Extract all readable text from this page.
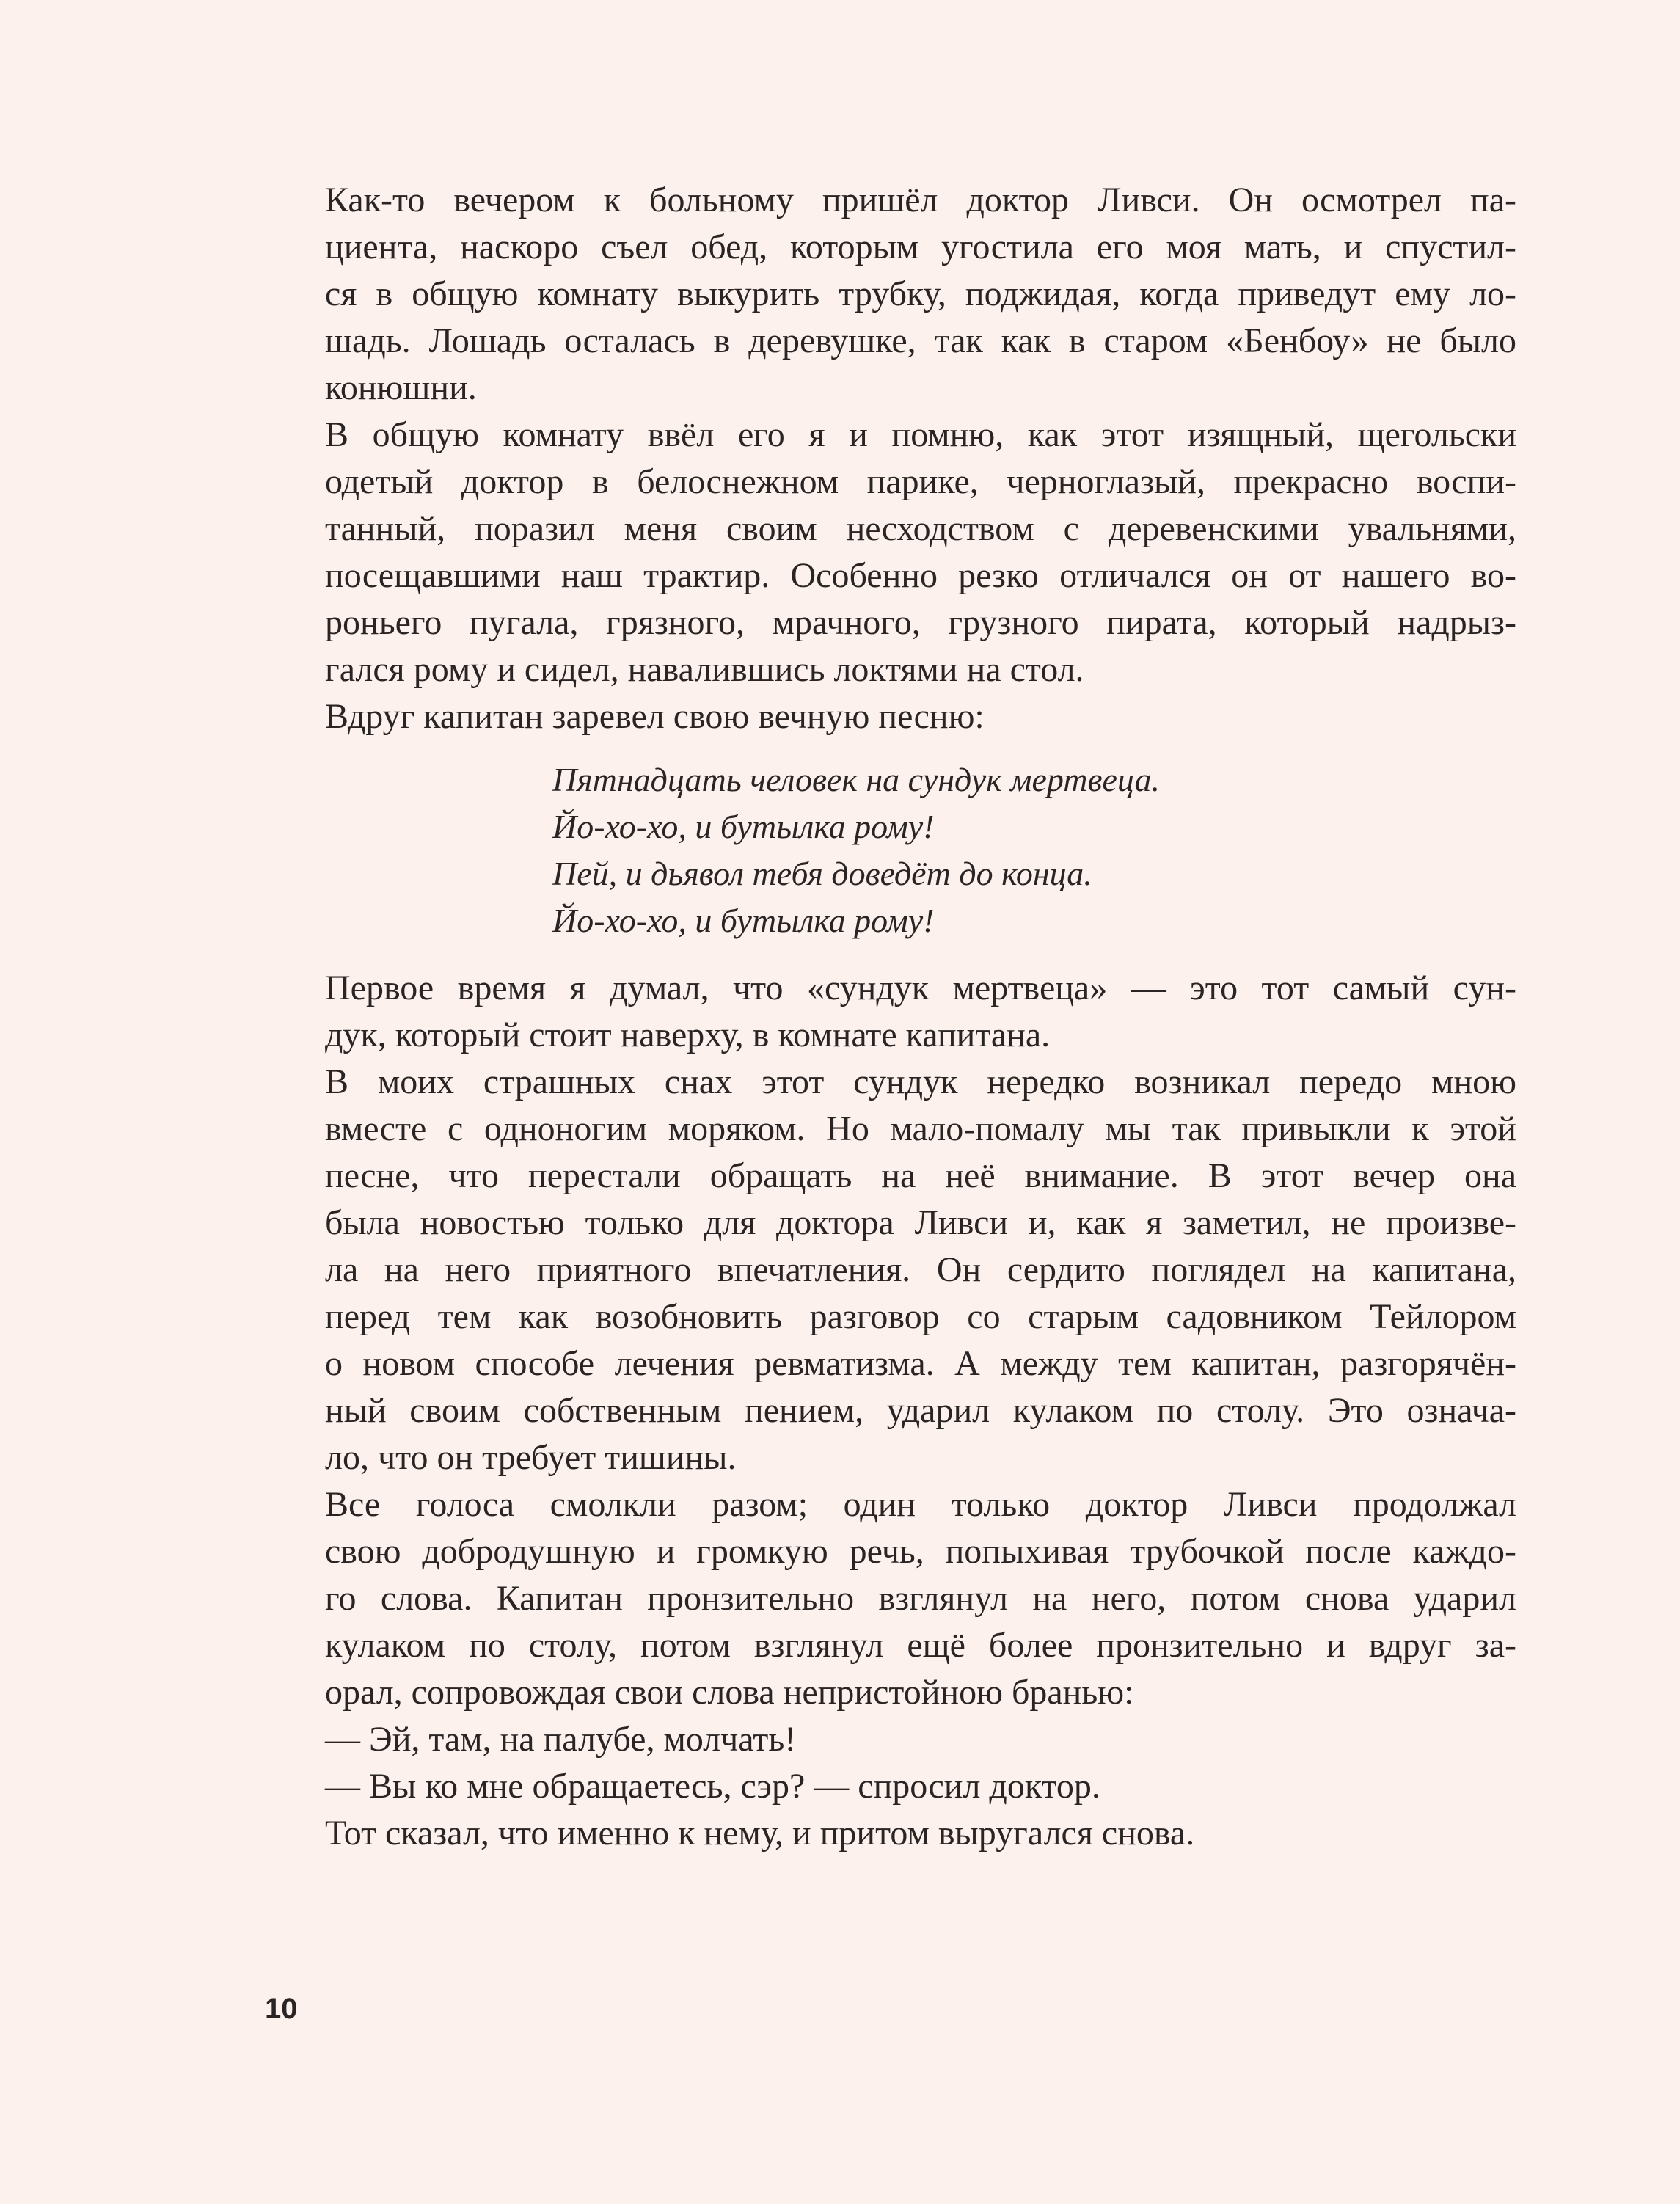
Как-то вечером к больному пришёл доктор Ливси. Он осмотрел па-
циента, наскоро съел обед, которым угостила его моя мать, и спустил-
ся в общую комнату выкурить трубку, поджидая, когда приведут ему ло-
шадь. Лошадь осталась в деревушке, так как в старом «Бенбоу» не было
конюшни.

В общую комнату ввёл его я и помню, как этот изящный, щегольски
одетый доктор в белоснежном парике, черноглазый, прекрасно воспи-
танный, поразил меня своим несходством с деревенскими увальнями,
посещавшими наш трактир. Особенно резко отличался он от нашего во-
роньего пугала, грязного, мрачного, грузного пирата, который надрыз-
гался рому и сидел, навалившись локтями на стол.

Вдруг капитан заревел свою вечную песню:

Пятнадцать человек на сундук мертвеца.
Йо-хо-хо, и бутылка рому!
Пей, и дьявол тебя доведёт до конца.
Йо-хо-хо, и бутылка рому!

Первое время я думал, что «сундук мертвеца» — это тот самый сун-
дук, который стоит наверху, в комнате капитана.

В моих страшных снах этот сундук нередко возникал передо мною
вместе с одноногим моряком. Но мало-помалу мы так привыкли к этой
песне, что перестали обращать на неё внимание. В этот вечер она
была новостью только для доктора Ливси и, как я заметил, не произве-
ла на него приятного впечатления. Он сердито поглядел на капитана,
перед тем как возобновить разговор со старым садовником Тейлором
о новом способе лечения ревматизма. А между тем капитан, разгорячён-
ный своим собственным пением, ударил кулаком по столу. Это означа-
ло, что он требует тишины.

Все голоса смолкли разом; один только доктор Ливси продолжал
свою добродушную и громкую речь, попыхивая трубочкой после каждо-
го слова. Капитан пронзительно взглянул на него, потом снова ударил
кулаком по столу, потом взглянул ещё более пронзительно и вдруг за-
орал, сопровождая свои слова непристойною бранью:

— Эй, там, на палубе, молчать!

— Вы ко мне обращаетесь, сэр? — спросил доктор.

Тот сказал, что именно к нему, и притом выругался снова.

10
